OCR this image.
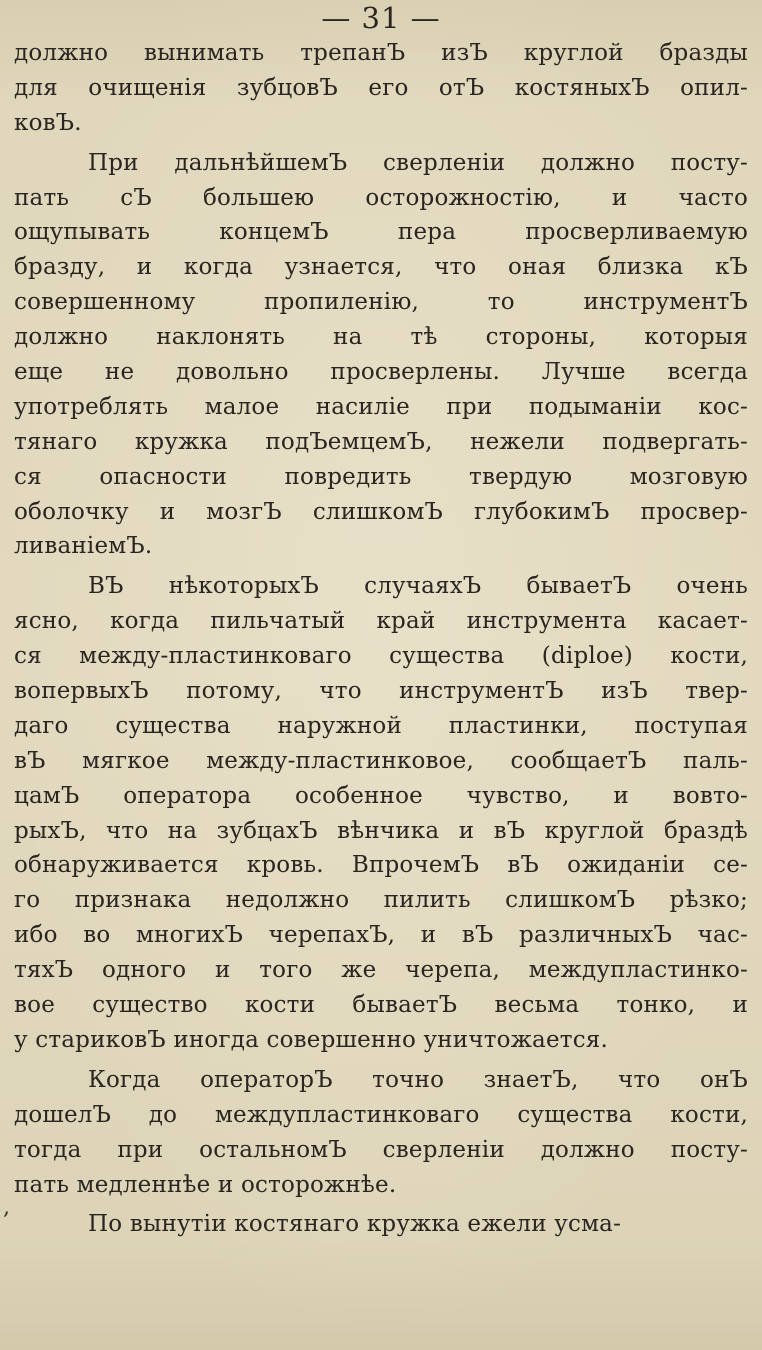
— 31 —
,
должно вынимать трепанЪ изЪ круглой бразды
для очищенія зубцовЪ его отЪ костяныхЪ опил-
ковЪ.
При дальнѣйшемЪ сверленіи должно посту-
пать сЪ большею осторожностію, и часто
ощупывать концемЪ пера просверливаемую
бразду, и когда узнается, что оная близка кЪ
совершенному пропиленію, то инструментЪ
должно наклонять на тѣ стороны, которыя
еще не довольно просверлены. Лучше всегда
употреблять малое насиліе при подыманіи кос-
тянаго кружка подЪемцемЪ, нежели подвергать-
ся опасности повредить твердую мозговую
оболочку и мозгЪ слишкомЪ глубокимЪ просвер-
ливаніемЪ.
ВЪ нѣкоторыхЪ случаяхЪ бываетЪ очень
ясно, когда пильчатый край инструмента касает-
ся между-пластинковаго существа (diploe) кости,
вопервыхЪ потому, что инструментЪ изЪ твер-
даго существа наружной пластинки, поступая
вЪ мягкое между-пластинковое, сообщаетЪ паль-
цамЪ оператора особенное чувство, и вовто-
рыхЪ, что на зубцахЪ вѣнчика и вЪ круглой браздѣ
обнаруживается кровь. ВпрочемЪ вЪ ожиданіи се-
го признака недолжно пилить слишкомЪ рѣзко;
ибо во многихЪ черепахЪ, и вЪ различныхЪ час-
тяхЪ одного и того же черепа, междупластинко-
вое существо кости бываетЪ весьма тонко, и
у стариковЪ иногда совершенно уничтожается.
Когда операторЪ точно знаетЪ, что онЪ
дошелЪ до междупластинковаго существа кости,
тогда при остальномЪ сверленіи должно посту-
пать медленнѣе и осторожнѣе.
По вынутіи костянаго кружка ежели усма-
